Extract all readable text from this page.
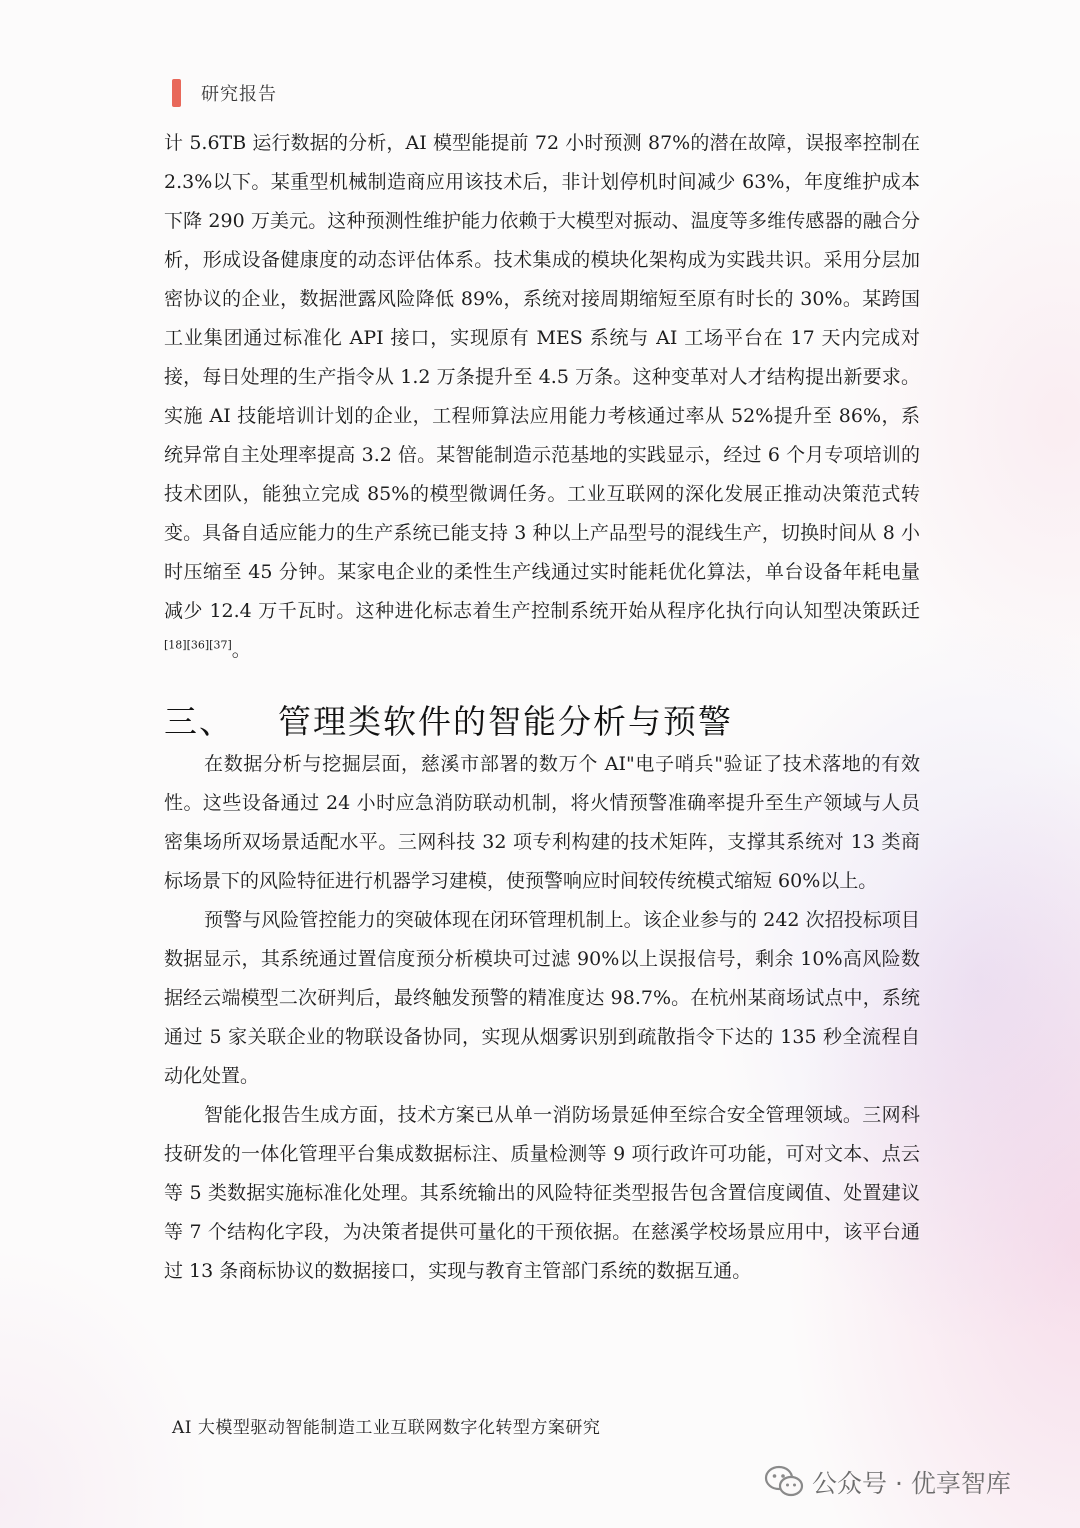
研究报告

计 5.6TB 运行数据的分析，AI 模型能提前 72 小时预测 87%的潜在故障，误报率控制在 2.3%以下。某重型机械制造商应用该技术后，非计划停机时间减少 63%，年度维护成本下降 290 万美元。这种预测性维护能力依赖于大模型对振动、温度等多维传感器的融合分析，形成设备健康度的动态评估体系。技术集成的模块化架构成为实践共识。采用分层加密协议的企业，数据泄露风险降低 89%，系统对接周期缩短至原有时长的 30%。某跨国工业集团通过标准化 API 接口，实现原有 MES 系统与 AI 工场平台在 17 天内完成对接，每日处理的生产指令从 1.2 万条提升至 4.5 万条。这种变革对人才结构提出新要求。实施 AI 技能培训计划的企业，工程师算法应用能力考核通过率从 52%提升至 86%，系统异常自主处理率提高 3.2 倍。某智能制造示范基地的实践显示，经过 6 个月专项培训的技术团队，能独立完成 85%的模型微调任务。工业互联网的深化发展正推动决策范式转变。具备自适应能力的生产系统已能支持 3 种以上产品型号的混线生产，切换时间从 8 小时压缩至 45 分钟。某家电企业的柔性生产线通过实时能耗优化算法，单台设备年耗电量减少 12.4 万千瓦时。这种进化标志着生产控制系统开始从程序化执行向认知型决策跃迁[18][36][37]。

三、 管理类软件的智能分析与预警

在数据分析与挖掘层面，慈溪市部署的数万个 AI"电子哨兵"验证了技术落地的有效性。这些设备通过 24 小时应急消防联动机制，将火情预警准确率提升至生产领域与人员密集场所双场景适配水平。三网科技 32 项专利构建的技术矩阵，支撑其系统对 13 类商标场景下的风险特征进行机器学习建模，使预警响应时间较传统模式缩短 60%以上。

预警与风险管控能力的突破体现在闭环管理机制上。该企业参与的 242 次招投标项目数据显示，其系统通过置信度预分析模块可过滤 90%以上误报信号，剩余 10%高风险数据经云端模型二次研判后，最终触发预警的精准度达 98.7%。在杭州某商场试点中，系统通过 5 家关联企业的物联设备协同，实现从烟雾识别到疏散指令下达的 135 秒全流程自动化处置。

智能化报告生成方面，技术方案已从单一消防场景延伸至综合安全管理领域。三网科技研发的一体化管理平台集成数据标注、质量检测等 9 项行政许可功能，可对文本、点云等 5 类数据实施标准化处理。其系统输出的风险特征类型报告包含置信度阈值、处置建议等 7 个结构化字段，为决策者提供可量化的干预依据。在慈溪学校场景应用中，该平台通过 13 条商标协议的数据接口，实现与教育主管部门系统的数据互通。

AI 大模型驱动智能制造工业互联网数字化转型方案研究
公众号 · 优享智库
